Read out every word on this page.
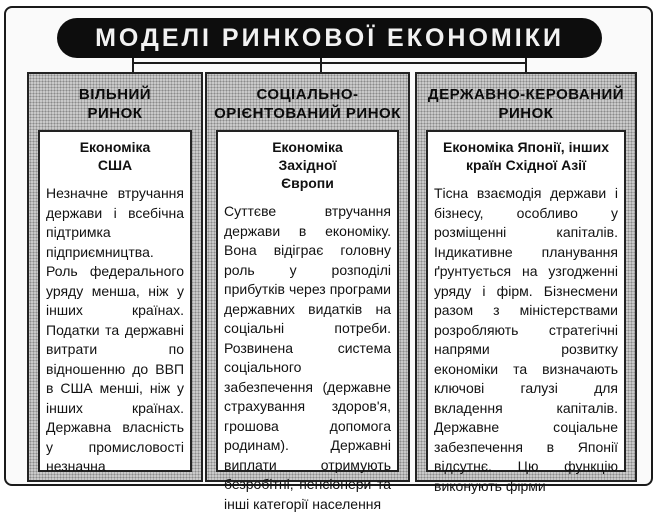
МОДЕЛІ РИНКОВОЇ ЕКОНОМІКИ
ВІЛЬНИЙ РИНОК
Економіка США
Незначне втручання держави і всебічна підтримка підприємництва. Роль федерального уряду менша, ніж у інших країнах. Податки та державні витрати по відношенню до ВВП в США менші, ніж у інших країнах. Державна власність у промисловості незначна
СОЦІАЛЬНО-ОРІЄНТОВАНИЙ РИНОК
Економіка Західної Європи
Суттєве втручання держави в економіку. Вона відіграє головну роль у розподілі прибутків через програми державних видатків на соціальні потреби. Розвинена система соціального забезпечення (державне страхування здоров'я, грошова допомога родинам). Державні виплати отримують безробітні, пенсіонери та інші категорії населення
ДЕРЖАВНО-КЕРОВАНИЙ РИНОК
Економіка Японії, інших країн Східної Азії
Тісна взаємодія держави і бізнесу, особливо у розміщенні капіталів. Індикативне планування ґрунтується на узгодженні уряду і фірм. Бізнесмени разом з міністерствами розробляють стратегічні напрями розвитку економіки та визначають ключові галузі для вкладення капіталів. Державне соціальне забезпечення в Японії відсутнє. Цю функцію виконують фірми
